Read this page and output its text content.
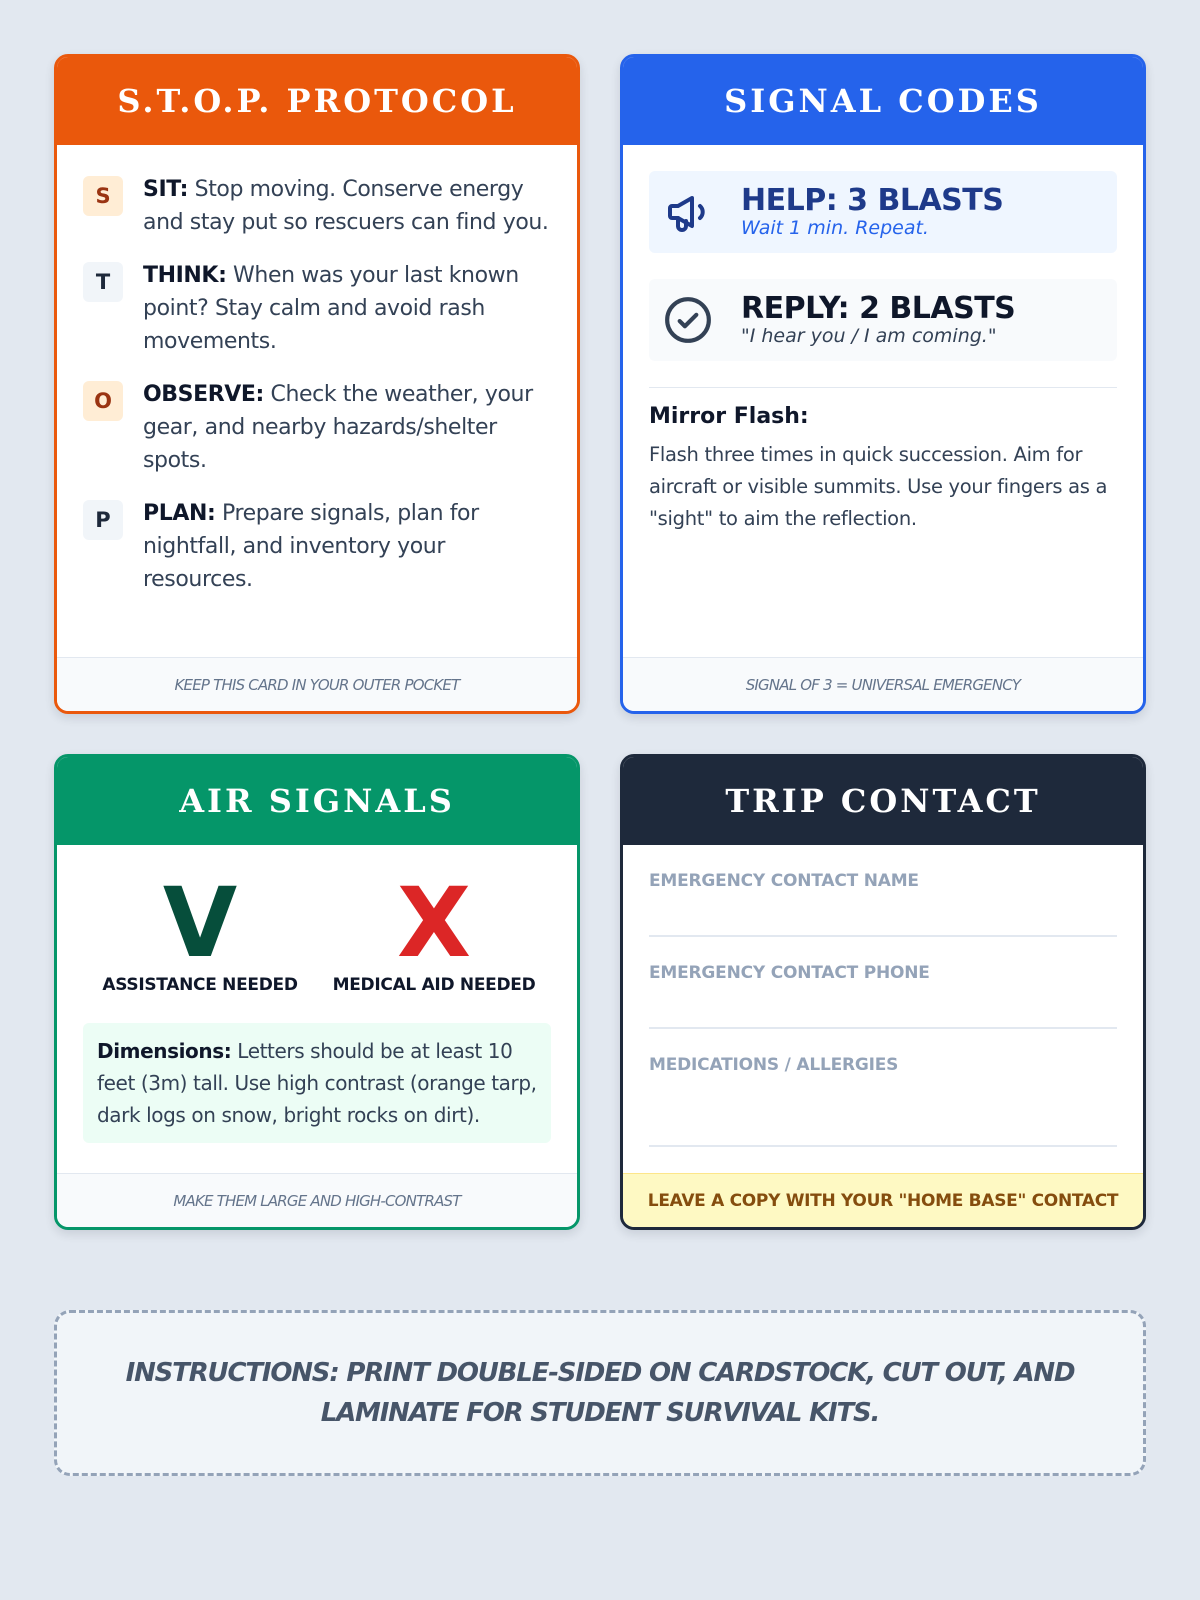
S.T.O.P. PROTOCOL
S	SIT: Stop moving. Conserve energy and stay put so rescuers can find you.
T	THINK: When was your last known point? Stay calm and avoid rash movements.
O	OBSERVE: Check the weather, your gear, and nearby hazards/shelter spots.
P	PLAN: Prepare signals, plan for nightfall, and inventory your resources.
KEEP THIS CARD IN YOUR OUTER POCKET
SIGNAL CODES
HELP: 3 BLASTS
Wait 1 min. Repeat.
REPLY: 2 BLASTS
"I hear you / I am coming."
Mirror Flash:
Flash three times in quick succession. Aim for aircraft or visible summits. Use your fingers as a "sight" to aim the reflection.
SIGNAL OF 3 = UNIVERSAL EMERGENCY
AIR SIGNALS
V
ASSISTANCE NEEDED
X
MEDICAL AID NEEDED
Dimensions: Letters should be at least 10 feet (3m) tall. Use high contrast (orange tarp, dark logs on snow, bright rocks on dirt).
MAKE THEM LARGE AND HIGH-CONTRAST
TRIP CONTACT
EMERGENCY CONTACT NAME
EMERGENCY CONTACT PHONE
MEDICATIONS / ALLERGIES
LEAVE A COPY WITH YOUR "HOME BASE" CONTACT
INSTRUCTIONS: PRINT DOUBLE-SIDED ON CARDSTOCK, CUT OUT, AND LAMINATE FOR STUDENT SURVIVAL KITS.
